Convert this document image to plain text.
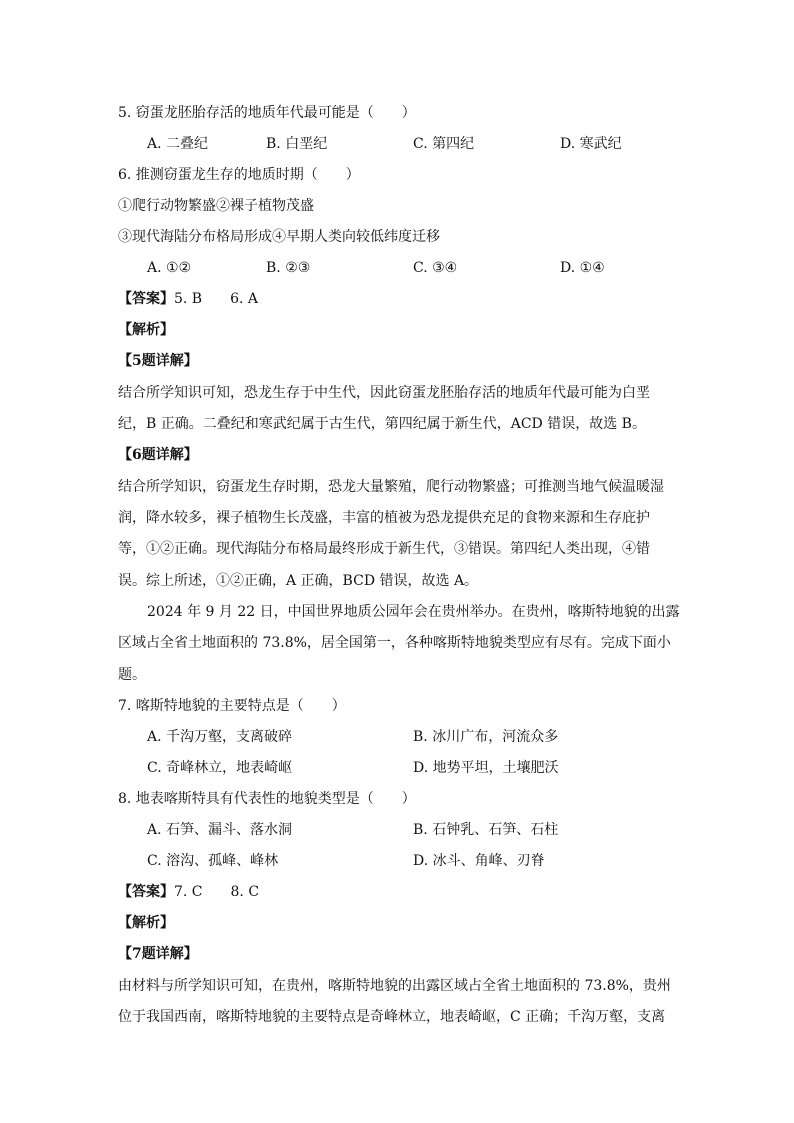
5. 窃蛋龙胚胎存活的地质年代最可能是（　　）
A. 二叠纪	B. 白垩纪	C. 第四纪	D. 寒武纪
6. 推测窃蛋龙生存的地质时期（　　）
①爬行动物繁盛②裸子植物茂盛
③现代海陆分布格局形成④早期人类向较低纬度迁移
A. ①②	B. ②③	C. ③④	D. ①④
【答案】5. B　　6. A
【解析】
【5题详解】
结合所学知识可知，恐龙生存于中生代，因此窃蛋龙胚胎存活的地质年代最可能为白垩
纪，B 正确。二叠纪和寒武纪属于古生代，第四纪属于新生代，ACD 错误，故选 B。
【6题详解】
结合所学知识，窃蛋龙生存时期，恐龙大量繁殖，爬行动物繁盛；可推测当地气候温暖湿
润，降水较多，裸子植物生长茂盛，丰富的植被为恐龙提供充足的食物来源和生存庇护
等，①②正确。现代海陆分布格局最终形成于新生代，③错误。第四纪人类出现，④错
误。综上所述，①②正确，A 正确，BCD 错误，故选 A。
2024 年 9 月 22 日，中国世界地质公园年会在贵州举办。在贵州，喀斯特地貌的出露
区域占全省土地面积的 73.8%，居全国第一，各种喀斯特地貌类型应有尽有。完成下面小
题。
7. 喀斯特地貌的主要特点是（　　）
A. 千沟万壑，支离破碎	B. 冰川广布，河流众多
C. 奇峰林立，地表崎岖	D. 地势平坦，土壤肥沃
8. 地表喀斯特具有代表性的地貌类型是（　　）
A. 石笋、漏斗、落水洞	B. 石钟乳、石笋、石柱
C. 溶沟、孤峰、峰林	D. 冰斗、角峰、刃脊
【答案】7. C　　8. C
【解析】
【7题详解】
由材料与所学知识可知，在贵州，喀斯特地貌的出露区域占全省土地面积的 73.8%，贵州
位于我国西南，喀斯特地貌的主要特点是奇峰林立，地表崎岖，C 正确；千沟万壑，支离
